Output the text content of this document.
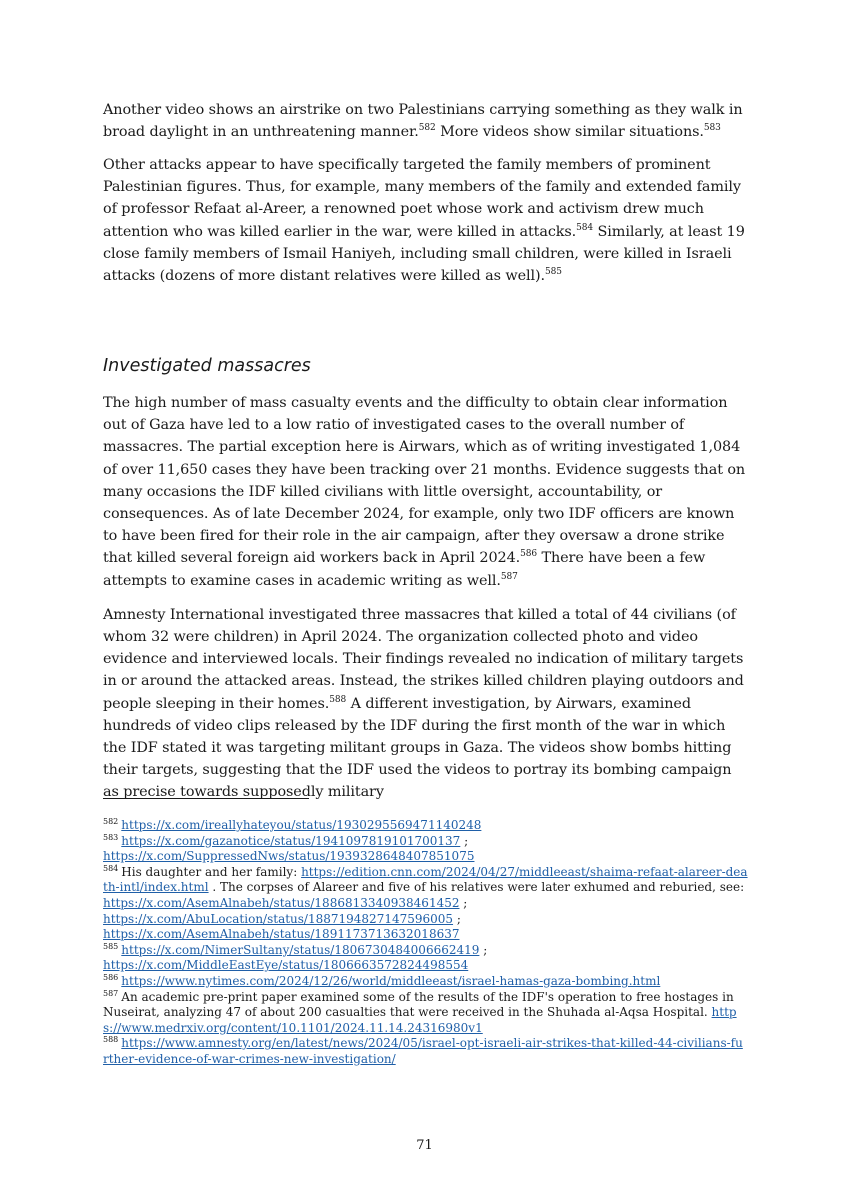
Another video shows an airstrike on two Palestinians carrying something as they walk in broad daylight in an unthreatening manner.$^{582}$ More videos show similar situations.$^{583}$

Other attacks appear to have specifically targeted the family members of prominent Palestinian figures. Thus, for example, many members of the family and extended family of professor Refaat al-Areer, a renowned poet whose work and activism drew much attention who was killed earlier in the war, were killed in attacks.$^{584}$ Similarly, at least 19 close family members of Ismail Haniyeh, including small children, were killed in Israeli attacks (dozens of more distant relatives were killed as well).$^{585}$

Investigated massacres

The high number of mass casualty events and the difficulty to obtain clear information out of Gaza have led to a low ratio of investigated cases to the overall number of massacres. The partial exception here is Airwars, which as of writing investigated 1,084 of over 11,650 cases they have been tracking over 21 months. Evidence suggests that on many occasions the IDF killed civilians with little oversight, accountability, or consequences. As of late December 2024, for example, only two IDF officers are known to have been fired for their role in the air campaign, after they oversaw a drone strike that killed several foreign aid workers back in April 2024.$^{586}$ There have been a few attempts to examine cases in academic writing as well.$^{587}$

Amnesty International investigated three massacres that killed a total of 44 civilians (of whom 32 were children) in April 2024. The organization collected photo and video evidence and interviewed locals. Their findings revealed no indication of military targets in or around the attacked areas. Instead, the strikes killed children playing outdoors and people sleeping in their homes.$^{588}$ A different investigation, by Airwars, examined hundreds of video clips released by the IDF during the first month of the war in which the IDF stated it was targeting militant groups in Gaza. The videos show bombs hitting their targets, suggesting that the IDF used the videos to portray its bombing campaign as precise towards supposedly military

$^{582}$ https://x.com/ireallyhateyou/status/1930295569471140248

$^{583}$ https://x.com/gazanotice/status/1941097819101700137 ;
https://x.com/SuppressedNws/status/1939328648407851075

$^{584}$ His daughter and her family: https://edition.cnn.com/2024/04/27/middleeast/shaima-refaat-alareer-death-intl/index.html . The corpses of Alareer and five of his relatives were later exhumed and reburied, see: https://x.com/AsemAlnabeh/status/1886813340938461452 ;
https://x.com/AbuLocation/status/1887194827147596005 ;
https://x.com/AsemAlnabeh/status/1891173713632018637

$^{585}$ https://x.com/NimerSultany/status/1806730484006662419 ;
https://x.com/MiddleEastEye/status/1806663572824498554

$^{586}$ https://www.nytimes.com/2024/12/26/world/middleeast/israel-hamas-gaza-bombing.html

$^{587}$ An academic pre-print paper examined some of the results of the IDF's operation to free hostages in Nuseirat, analyzing 47 of about 200 casualties that were received in the Shuhada al-Aqsa Hospital. https://www.medrxiv.org/content/10.1101/2024.11.14.24316980v1

$^{588}$ https://www.amnesty.org/en/latest/news/2024/05/israel-opt-israeli-air-strikes-that-killed-44-civilians-further-evidence-of-war-crimes-new-investigation/

71
